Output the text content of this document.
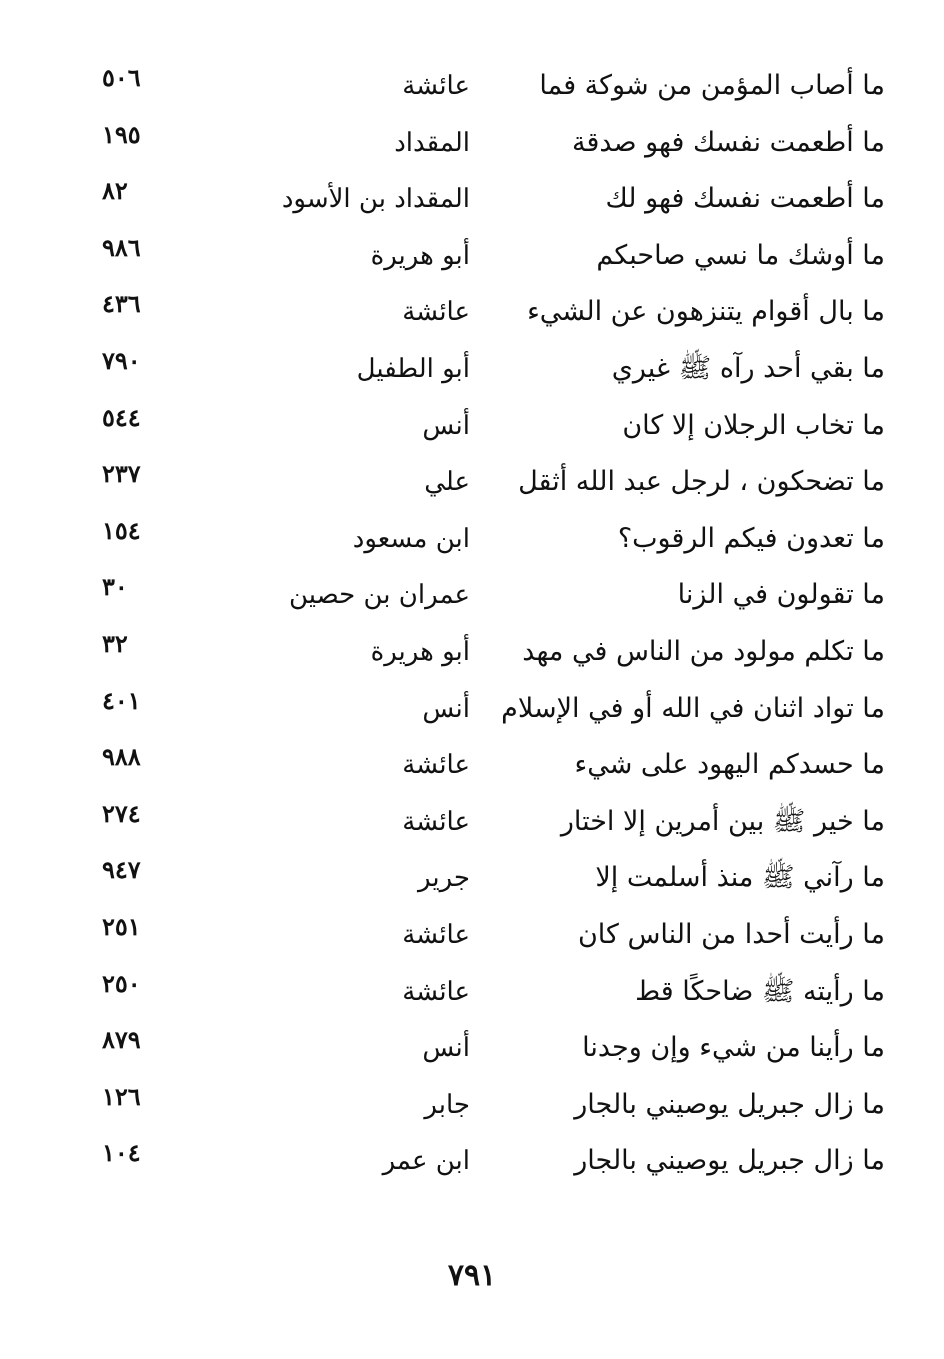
ما أصاب المؤمن من شوكة فما
عائشة
٥٠٦
ما أطعمت نفسك فهو صدقة
المقداد
١٩٥
ما أطعمت نفسك فهو لك
المقداد بن الأسود
٨٢
ما أوشك ما نسي صاحبكم
أبو هريرة
٩٨٦
ما بال أقوام يتنزهون عن الشيء
عائشة
٤٣٦
ما بقي أحد رآه ﷺ غيري
أبو الطفيل
٧٩٠
ما تخاب الرجلان إلا كان
أنس
٥٤٤
ما تضحكون ، لرجل عبد الله أثقل
علي
٢٣٧
ما تعدون فيكم الرقوب؟
ابن مسعود
١٥٤
ما تقولون في الزنا
عمران بن حصين
٣٠
ما تكلم مولود من الناس في مهد
أبو هريرة
٣٢
ما تواد اثنان في الله أو في الإسلام
أنس
٤٠١
ما حسدكم اليهود على شيء
عائشة
٩٨٨
ما خير ﷺ بين أمرين إلا اختار
عائشة
٢٧٤
ما رآني ﷺ منذ أسلمت إلا
جرير
٩٤٧
ما رأيت أحدا من الناس كان
عائشة
٢٥١
ما رأيته ﷺ ضاحكًا قط
عائشة
٢٥٠
ما رأينا من شيء وإن وجدنا
أنس
٨٧٩
ما زال جبريل يوصيني بالجار
جابر
١٢٦
ما زال جبريل يوصيني بالجار
ابن عمر
١٠٤
٧٩١
